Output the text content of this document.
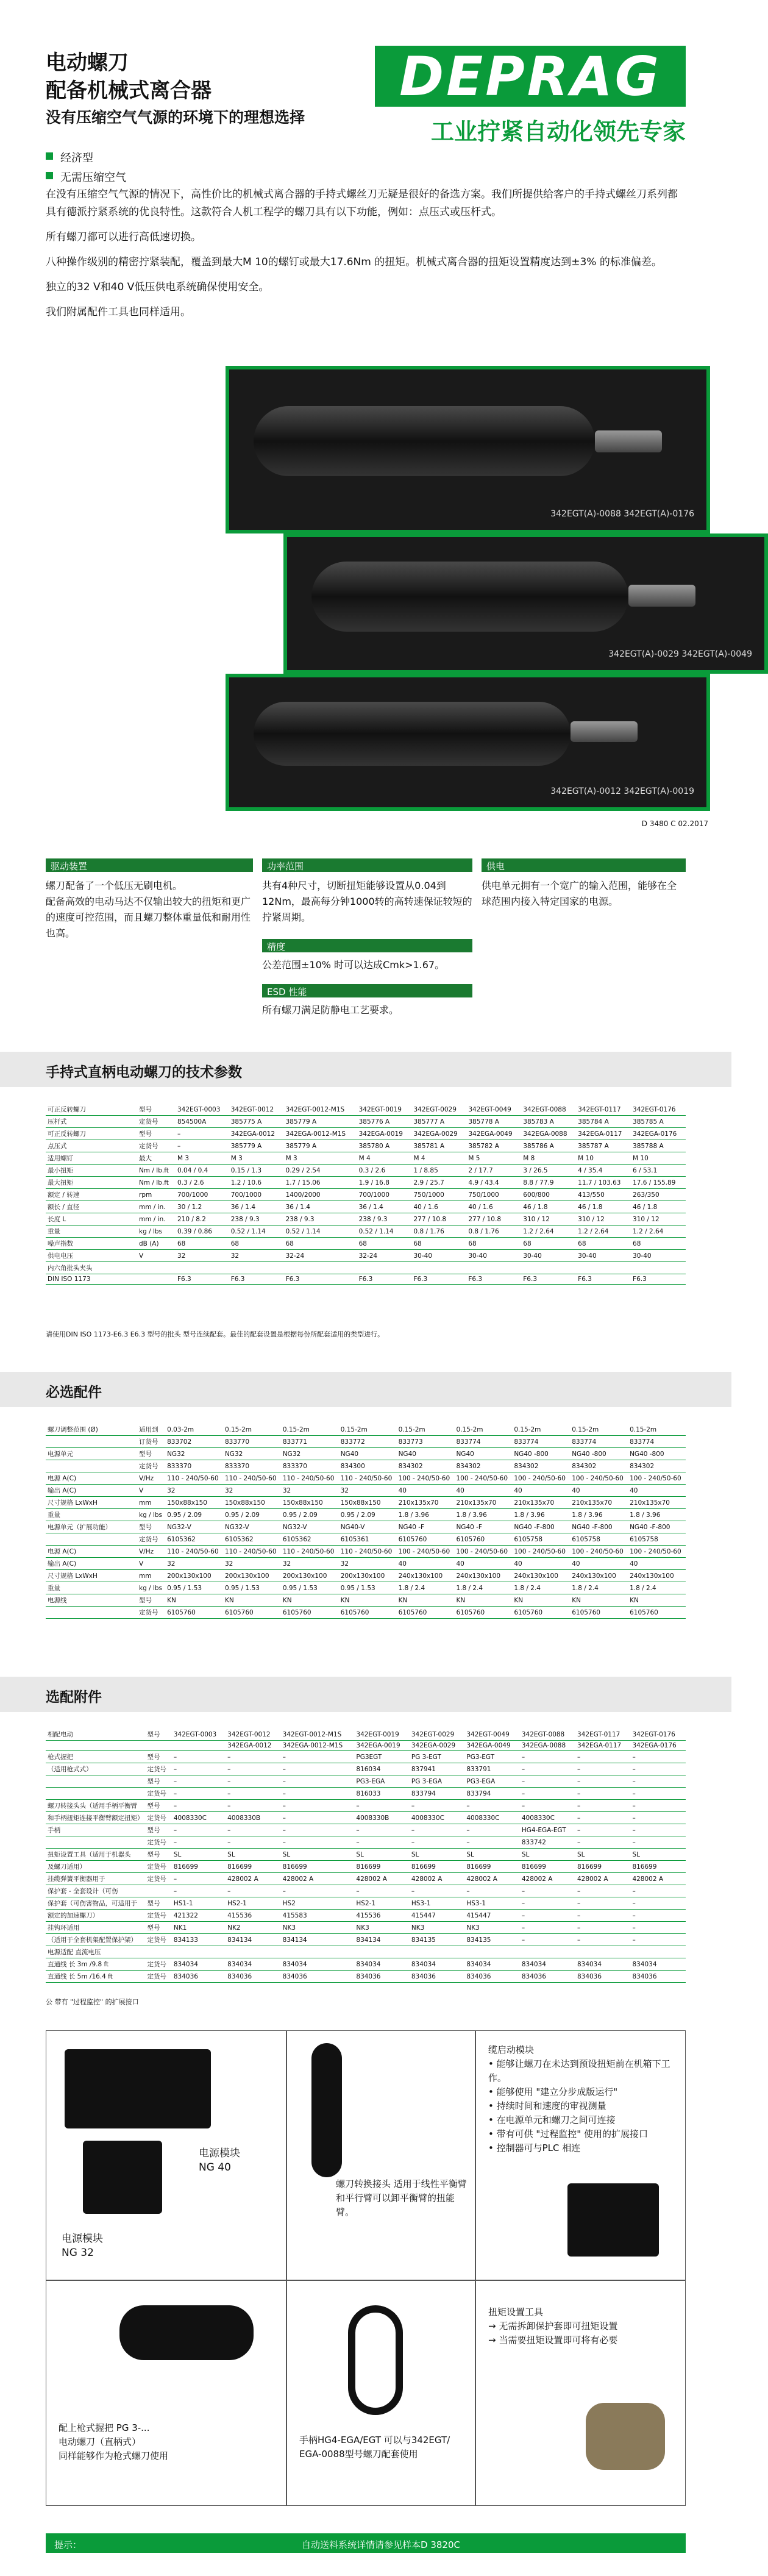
电动螺刀
配备机械式离合器
没有压缩空气气源的环境下的理想选择
DEPRAG
工业拧紧自动化领先专家
经济型
无需压缩空气

在没有压缩空气气源的情况下，高性价比的机械式离合器的手持式螺丝刀无疑是很好的备选方案。我们所提供给客户的手持式螺丝刀系列都具有德派拧紧系统的优良特性。这款符合人机工程学的螺刀具有以下功能，例如：点压式或压杆式。

所有螺刀都可以进行高低速切换。

八种操作级别的精密拧紧装配，覆盖到最大M 10的螺钉或最大17.6Nm 的扭矩。机械式离合器的扭矩设置精度达到±3% 的标准偏差。

独立的32 V和40 V低压供电系统确保使用安全。

我们附属配件工具也同样适用。

342EGT(A)-0088 342EGT(A)-0176
342EGT(A)-0029 342EGT(A)-0049
342EGT(A)-0012 342EGT(A)-0019
D 3480 C 02.2017
驱动装置
螺刀配备了一个低压无刷电机。
配备高效的电动马达不仅输出较大的扭矩和更广的速度可控范围，而且螺刀整体重量低和耐用性也高。
功率范围
共有4种尺寸，切断扭矩能够设置从0.04到12Nm，最高每分钟1000转的高转速保证较短的拧紧周期。
精度
公差范围±10% 时可以达成Cmk>1.67。
ESD 性能
所有螺刀满足防静电工艺要求。
供电
供电单元拥有一个宽广的输入范围，能够在全球范围内接入特定国家的电源。
手持式直柄电动螺刀的技术参数
可正反转螺刀	型号	342EGT-0003	342EGT-0012	342EGT-0012-M1S	342EGT-0019	342EGT-0029	342EGT-0049	342EGT-0088	342EGT-0117	342EGT-0176
压杆式	定货号	854500A	385775 A	385779 A	385776 A	385777 A	385778 A	385783 A	385784 A	385785 A
可正反转螺刀	型号	–	342EGA-0012	342EGA-0012-M1S	342EGA-0019	342EGA-0029	342EGA-0049	342EGA-0088	342EGA-0117	342EGA-0176
点压式	定货号	–	385779 A	385779 A	385780 A	385781 A	385782 A	385786 A	385787 A	385788 A
适用螺钉	最大	M 3	M 3	M 3	M 4	M 4	M 5	M 8	M 10	M 10
最小扭矩	Nm / lb.ft	0.04 / 0.4	0.15 / 1.3	0.29 / 2.54	0.3 / 2.6	1 / 8.85	2 / 17.7	3 / 26.5	4 / 35.4	6 / 53.1
最大扭矩	Nm / lb.ft	0.3 / 2.6	1.2 / 10.6	1.7 / 15.06	1.9 / 16.8	2.9 / 25.7	4.9 / 43.4	8.8 / 77.9	11.7 / 103.63	17.6 / 155.89
额定 / 转速	rpm	700/1000	700/1000	1400/2000	700/1000	750/1000	750/1000	600/800	413/550	263/350
额长 / 直径	mm / in.	30 / 1.2	36 / 1.4	36 / 1.4	36 / 1.4	40 / 1.6	40 / 1.6	46 / 1.8	46 / 1.8	46 / 1.8
长度 L	mm / in.	210 / 8.2	238 / 9.3	238 / 9.3	238 / 9.3	277 / 10.8	277 / 10.8	310 / 12	310 / 12	310 / 12
重量	kg / lbs	0.39 / 0.86	0.52 / 1.14	0.52 / 1.14	0.52 / 1.14	0.8 / 1.76	0.8 / 1.76	1.2 / 2.64	1.2 / 2.64	1.2 / 2.64
噪声指数	dB (A)	68	68	68	68	68	68	68	68	68
供电电压	V	32	32	32-24	32-24	30-40	30-40	30-40	30-40	30-40
内六角批头夹头										
DIN ISO 1173		F6.3	F6.3	F6.3	F6.3	F6.3	F6.3	F6.3	F6.3	F6.3
请使用DIN ISO 1173-E6.3 E6.3 型号的批头 型号连续配套。最佳的配套设置是根据每份所配套适用的类型进行。
必选配件
螺刀调整范围 (Ø)	适用到	0.03-2m	0.15-2m	0.15-2m	0.15-2m	0.15-2m	0.15-2m	0.15-2m	0.15-2m	0.15-2m
	订货号	833702	833770	833771	833772	833773	833774	833774	833774	833774
电源单元	型号	NG32	NG32	NG32	NG40	NG40	NG40	NG40 -800	NG40 -800	NG40 -800
	定货号	833370	833370	833370	834300	834302	834302	834302	834302	834302
电源 A(C)	V/Hz	110 - 240/50-60	110 - 240/50-60	110 - 240/50-60	110 - 240/50-60	100 - 240/50-60	100 - 240/50-60	100 - 240/50-60	100 - 240/50-60	100 - 240/50-60
输出 A(C)	V	32	32	32	32	40	40	40	40	40
尺寸规格 LxWxH	mm	150x88x150	150x88x150	150x88x150	150x88x150	210x135x70	210x135x70	210x135x70	210x135x70	210x135x70
重量	kg / lbs	0.95 / 2.09	0.95 / 2.09	0.95 / 2.09	0.95 / 2.09	1.8 / 3.96	1.8 / 3.96	1.8 / 3.96	1.8 / 3.96	1.8 / 3.96
电源单元（扩展功能）	型号	NG32-V	NG32-V	NG32-V	NG40-V	NG40 -F	NG40 -F	NG40 -F-800	NG40 -F-800	NG40 -F-800
	定货号	6105362	6105362	6105362	6105361	6105760	6105760	6105758	6105758	6105758
电源 A(C)	V/Hz	110 - 240/50-60	110 - 240/50-60	110 - 240/50-60	110 - 240/50-60	100 - 240/50-60	100 - 240/50-60	100 - 240/50-60	100 - 240/50-60	100 - 240/50-60
输出 A(C)	V	32	32	32	32	40	40	40	40	40
尺寸规格 LxWxH	mm	200x130x100	200x130x100	200x130x100	200x130x100	240x130x100	240x130x100	240x130x100	240x130x100	240x130x100
重量	kg / lbs	0.95 / 1.53	0.95 / 1.53	0.95 / 1.53	0.95 / 1.53	1.8 / 2.4	1.8 / 2.4	1.8 / 2.4	1.8 / 2.4	1.8 / 2.4
电源线	型号	KN	KN	KN	KN	KN	KN	KN	KN	KN
	定货号	6105760	6105760	6105760	6105760	6105760	6105760	6105760	6105760	6105760
选配附件
相配电动	型号	342EGT-0003	342EGT-0012	342EGT-0012-M1S	342EGT-0019	342EGT-0029	342EGT-0049	342EGT-0088	342EGT-0117	342EGT-0176
			342EGA-0012	342EGA-0012-M1S	342EGA-0019	342EGA-0029	342EGA-0049	342EGA-0088	342EGA-0117	342EGA-0176
枪式握把	型号	–	–	–	PG3EGT	PG 3-EGT	PG3-EGT	–	–	–
（适用枪式式）	定货号	–	–	–	816034	837941	833791	–	–	–
	型号	–	–	–	PG3-EGA	PG 3-EGA	PG3-EGA	–	–	–
	定货号	–	–	–	816033	833794	833794	–	–	–
螺刀转接头头（适用手柄平衡臂	型号	–	–	–	–	–	–	–	–	–
和手柄扭矩连接平衡臂额定扭矩）	定货号	4008330C	4008330B	–	4008330B	4008330C	4008330C	4008330C	–	–
手柄	型号	–	–	–	–	–	–	HG4-EGA-EGT	–	–
	定货号	–	–	–	–	–	–	833742	–	–
扭矩设置工具（适用于机器头	型号	SL	SL	SL	SL	SL	SL	SL	SL	SL
及螺刀适用）	定货号	816699	816699	816699	816699	816699	816699	816699	816699	816699
挂缆弹簧平衡器用于	定货号	–	428002 A	428002 A	428002 A	428002 A	428002 A	428002 A	428002 A	428002 A
保护套 - 全套设计（可伤		–	–	–	–	–	–	–	–	–
保护套（可伤害物品，可适用于	型号	HS1-1	HS2-1	HS2	HS2-1	HS3-1	HS3-1	–	–	–
额定的加速螺刀）	定货号	421322	415536	415583	415536	415447	415447	–	–	–
挂钩环适用	型号	NK1	NK2	NK3	NK3	NK3	NK3	–	–	–
（适用于全套机架配置保护架）	定货号	834133	834134	834134	834134	834135	834135	–	–	–
电源适配 直流电压										
直通线 长 3m /9.8 ft	定货号	834034	834034	834034	834034	834034	834034	834034	834034	834034
直通线 长 5m /16.4 ft	定货号	834036	834036	834036	834036	834036	834036	834036	834036	834036
公 带有 "过程监控" 的扩展接口
电源模块
NG 40
电源模块
NG 32
螺刀转换接头 适用于线性平衡臂和平行臂可以卸平衡臂的扭能臂。
缆启动模块
• 能够让螺刀在未达到预设扭矩前在机箱下工作。
• 能够使用 "建立分步成版运行"
• 持续时间和速度的审视测量
• 在电源单元和螺刀之间可连接
• 带有可供 "过程监控" 使用的扩展接口
• 控制器可与PLC 相连
配上枪式握把 PG 3-...
电动螺刀（直柄式）
同样能够作为枪式螺刀使用
手柄HG4-EGA/EGT 可以与342EGT/
EGA-0088型号螺刀配套使用
扭矩设置工具
→ 无需拆卸保护套即可扭矩设置
→ 当需要扭矩设置即可将有必要
提示：	自动送料系统详情请参见样本D 3820C
